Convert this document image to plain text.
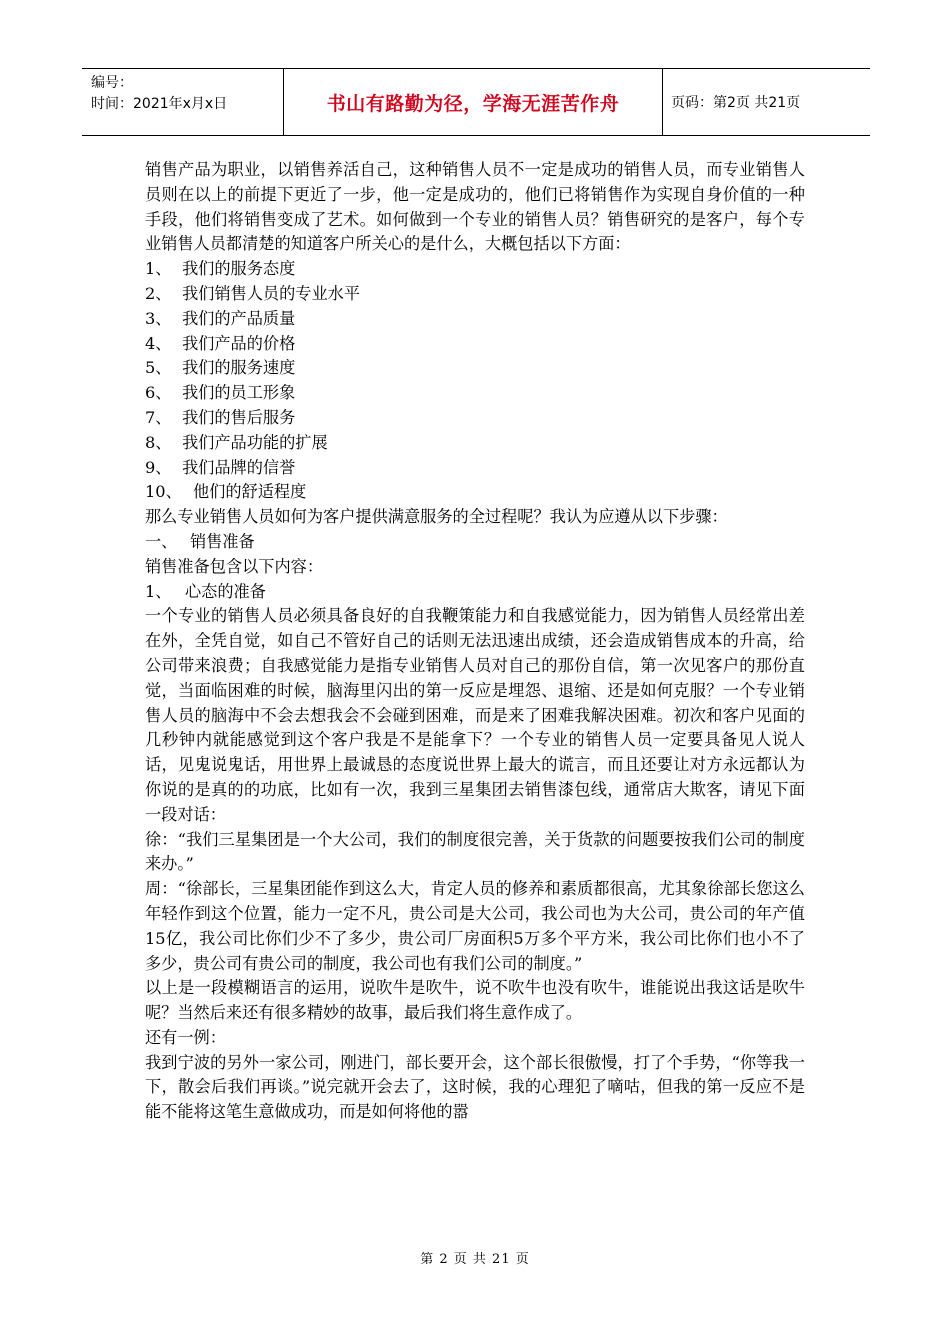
编号：
时间：2021年x月x日	书山有路勤为径，学海无涯苦作舟	页码：第2页 共21页

销售产品为职业，以销售养活自己，这种销售人员不一定是成功的销售人员，而专业销售人员则在以上的前提下更近了一步，他一定是成功的，他们已将销售作为实现自身价值的一种手段，他们将销售变成了艺术。如何做到一个专业的销售人员？销售研究的是客户，每个专业销售人员都清楚的知道客户所关心的是什么，大概包括以下方面：

1、 我们的服务态度

2、 我们销售人员的专业水平

3、 我们的产品质量

4、 我们产品的价格

5、 我们的服务速度

6、 我们的员工形象

7、 我们的售后服务

8、 我们产品功能的扩展

9、 我们品牌的信誉

10、 他们的舒适程度

那么专业销售人员如何为客户提供满意服务的全过程呢？我认为应遵从以下步骤：

一、 销售准备

销售准备包含以下内容：

1、 心态的准备

一个专业的销售人员必须具备良好的自我鞭策能力和自我感觉能力，因为销售人员经常出差在外，全凭自觉，如自己不管好自己的话则无法迅速出成绩，还会造成销售成本的升高，给公司带来浪费；自我感觉能力是指专业销售人员对自己的那份自信，第一次见客户的那份直觉，当面临困难的时候，脑海里闪出的第一反应是埋怨、退缩、还是如何克服？一个专业销售人员的脑海中不会去想我会不会碰到困难，而是来了困难我解决困难。初次和客户见面的几秒钟内就能感觉到这个客户我是不是能拿下？一个专业的销售人员一定要具备见人说人话，见鬼说鬼话，用世界上最诚恳的态度说世界上最大的谎言，而且还要让对方永远都认为你说的是真的的功底，比如有一次，我到三星集团去销售漆包线，通常店大欺客，请见下面一段对话：

徐：“我们三星集团是一个大公司，我们的制度很完善，关于货款的问题要按我们公司的制度来办。”

周：“徐部长，三星集团能作到这么大，肯定人员的修养和素质都很高，尤其象徐部长您这么年轻作到这个位置，能力一定不凡，贵公司是大公司，我公司也为大公司，贵公司的年产值15亿，我公司比你们少不了多少，贵公司厂房面积5万多个平方米，我公司比你们也小不了多少，贵公司有贵公司的制度，我公司也有我们公司的制度。”

以上是一段模糊语言的运用，说吹牛是吹牛，说不吹牛也没有吹牛，谁能说出我这话是吹牛呢？当然后来还有很多精妙的故事，最后我们将生意作成了。

还有一例：

我到宁波的另外一家公司，刚进门，部长要开会，这个部长很傲慢，打了个手势，“你等我一下，散会后我们再谈。”说完就开会去了，这时候，我的心理犯了嘀咕，但我的第一反应不是能不能将这笔生意做成功，而是如何将他的嚣

第 2 页 共 21 页
